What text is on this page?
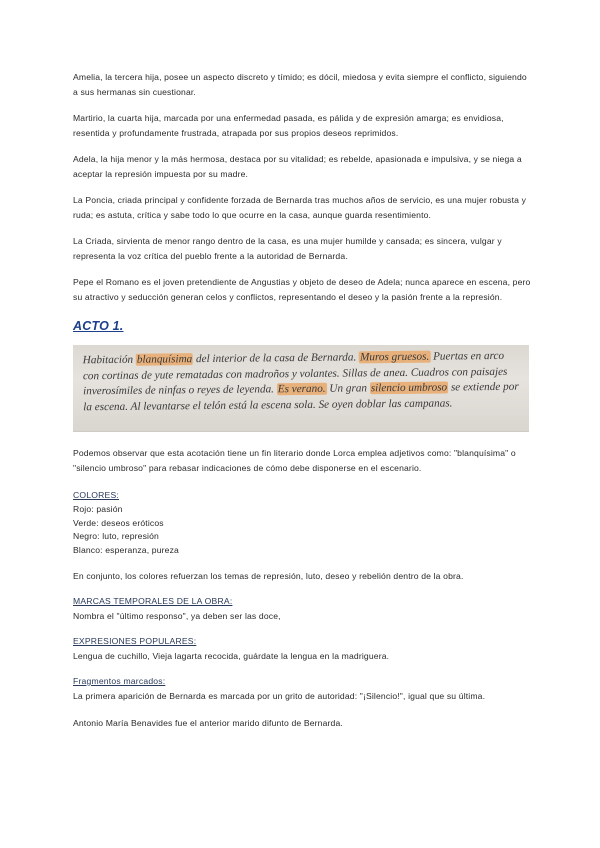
Amelia, la tercera hija, posee un aspecto discreto y tímido; es dócil, miedosa y evita siempre el conflicto, siguiendo a sus hermanas sin cuestionar.

Martirio, la cuarta hija, marcada por una enfermedad pasada, es pálida y de expresión amarga; es envidiosa, resentida y profundamente frustrada, atrapada por sus propios deseos reprimidos.

Adela, la hija menor y la más hermosa, destaca por su vitalidad; es rebelde, apasionada e impulsiva, y se niega a aceptar la represión impuesta por su madre.

La Poncia, criada principal y confidente forzada de Bernarda tras muchos años de servicio, es una mujer robusta y ruda; es astuta, crítica y sabe todo lo que ocurre en la casa, aunque guarda resentimiento.

La Criada, sirvienta de menor rango dentro de la casa, es una mujer humilde y cansada; es sincera, vulgar y representa la voz crítica del pueblo frente a la autoridad de Bernarda.

Pepe el Romano es el joven pretendiente de Angustias y objeto de deseo de Adela; nunca aparece en escena, pero su atractivo y seducción generan celos y conflictos, representando el deseo y la pasión frente a la represión.

ACTO 1.
Habitación blanquísima del interior de la casa de Bernarda. Muros gruesos. Puertas en arco con cortinas de yute rematadas con madroños y volantes. Sillas de anea. Cuadros con paisajes inverosímiles de ninfas o reyes de leyenda. Es verano. Un gran silencio umbroso se extiende por la escena. Al levantarse el telón está la escena sola. Se oyen doblar las campanas.

Podemos observar que esta acotación tiene un fin literario donde Lorca emplea adjetivos como: "blanquísima" o "silencio umbroso" para rebasar indicaciones de cómo debe disponerse en el escenario.

COLORES:

Rojo: pasión

Verde: deseos eróticos

Negro: luto, represión

Blanco: esperanza, pureza

En conjunto, los colores refuerzan los temas de represión, luto, deseo y rebelión dentro de la obra.

MARCAS TEMPORALES DE LA OBRA:

Nombra el "último responso", ya deben ser las doce,

EXPRESIONES POPULARES:

Lengua de cuchillo, Vieja lagarta recocida, guárdate la lengua en la madriguera.

Fragmentos marcados:

La primera aparición de Bernarda es marcada por un grito de autoridad: "¡Silencio!", igual que su última.

Antonio María Benavides fue el anterior marido difunto de Bernarda.
